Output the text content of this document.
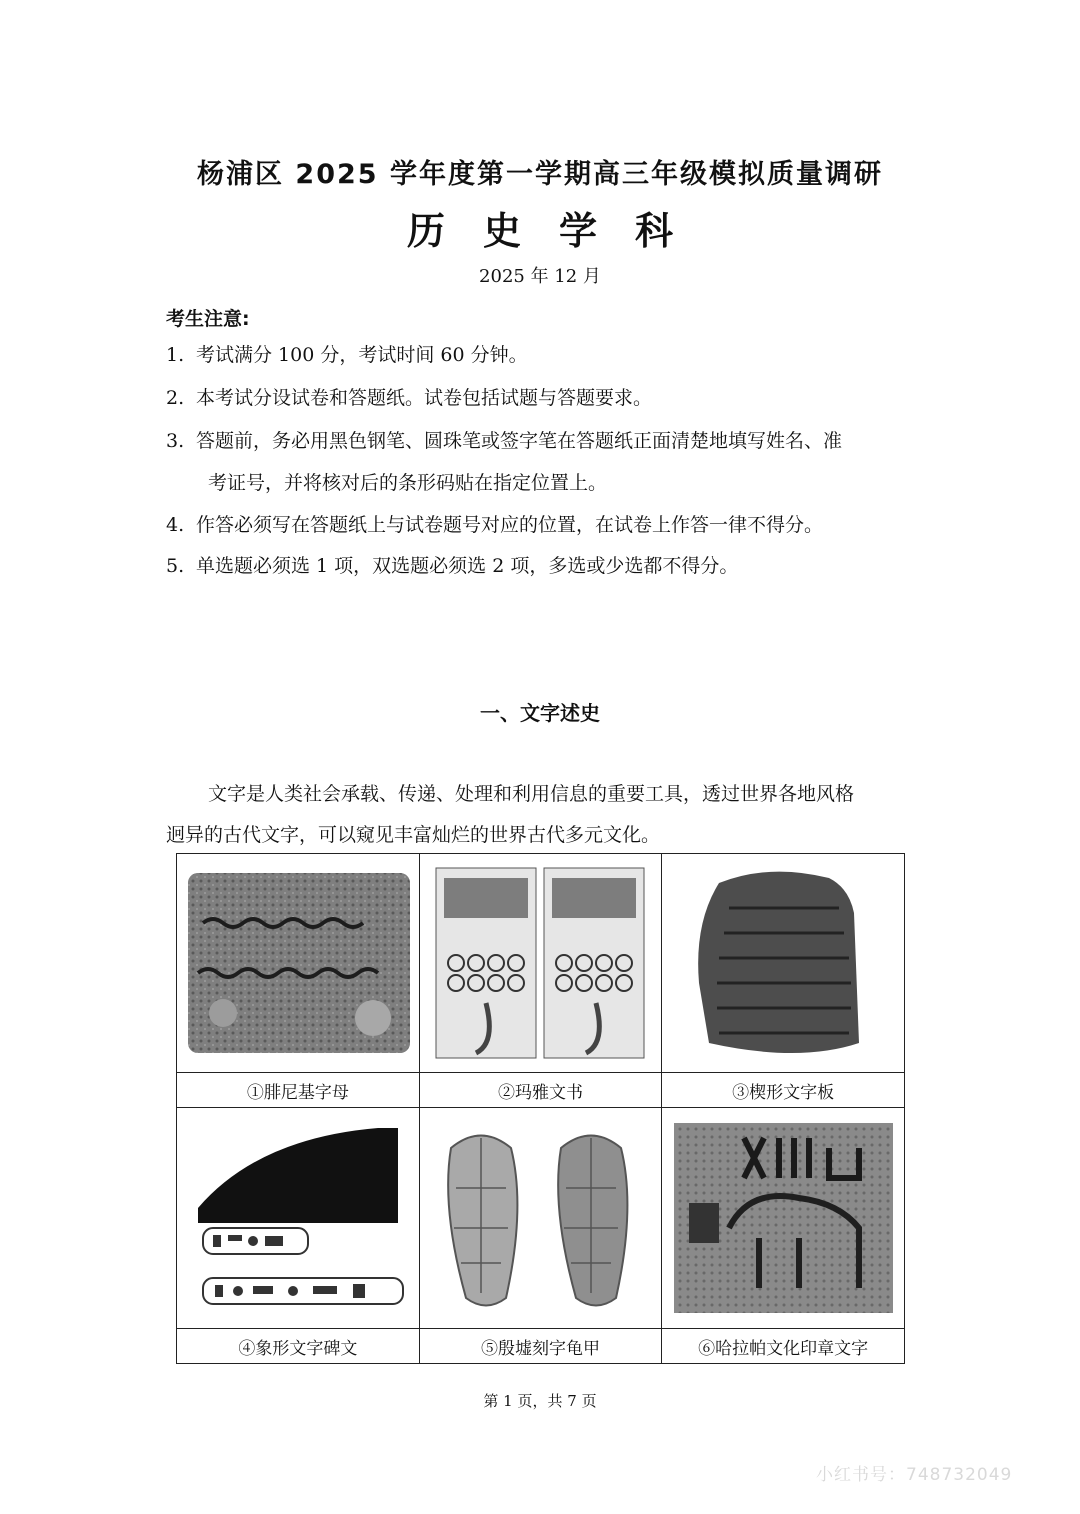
杨浦区 2025 学年度第一学期高三年级模拟质量调研
历史学科
2025 年 12 月
考生注意:
1. 考试满分 100 分，考试时间 60 分钟。
2. 本考试分设试卷和答题纸。试卷包括试题与答题要求。
3. 答题前，务必用黑色钢笔、圆珠笔或签字笔在答题纸正面清楚地填写姓名、准
考证号，并将核对后的条形码贴在指定位置上。
4. 作答必须写在答题纸上与试卷题号对应的位置，在试卷上作答一律不得分。
5. 单选题必须选 1 项，双选题必须选 2 项，多选或少选都不得分。
一、文字述史
文字是人类社会承载、传递、处理和利用信息的重要工具，透过世界各地风格
迥异的古代文字，可以窥见丰富灿烂的世界古代多元文化。

①腓尼基字母	②玛雅文书	③楔形文字板

④象形文字碑文	⑤殷墟刻字龟甲	⑥哈拉帕文化印章文字
第 1 页，共 7 页
小红书号：748732049
